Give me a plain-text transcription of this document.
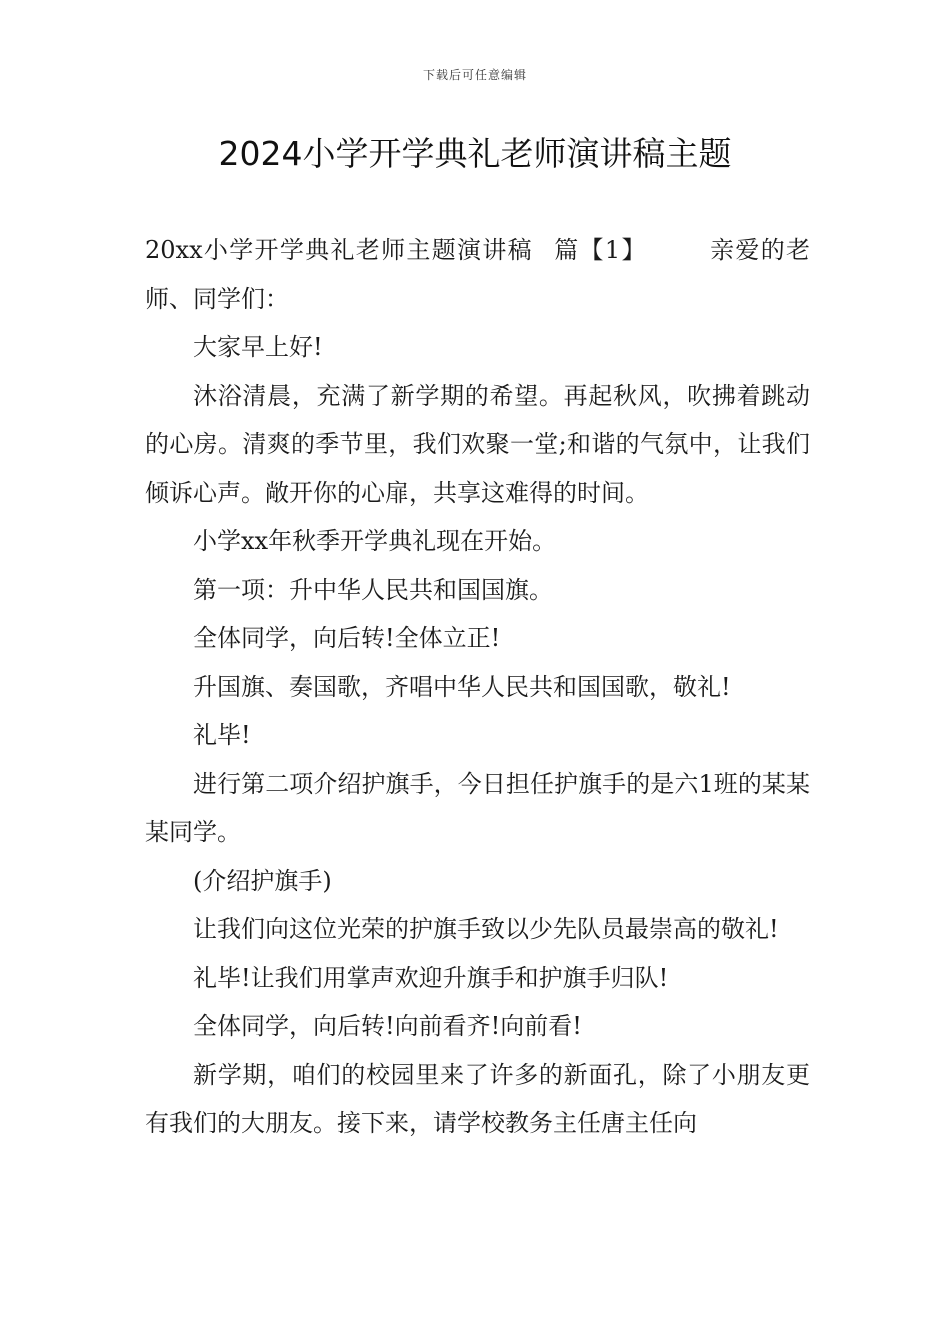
下载后可任意编辑
2024小学开学典礼老师演讲稿主题

20xx小学开学典礼老师主题演讲稿 篇【1】	亲爱的老师、同学们：

大家早上好!

沐浴清晨，充满了新学期的希望。再起秋风，吹拂着跳动的心房。清爽的季节里，我们欢聚一堂;和谐的气氛中，让我们倾诉心声。敞开你的心扉，共享这难得的时间。

小学xx年秋季开学典礼现在开始。

第一项：升中华人民共和国国旗。

全体同学，向后转!全体立正!

升国旗、奏国歌，齐唱中华人民共和国国歌，敬礼!

礼毕!

进行第二项介绍护旗手，今日担任护旗手的是六1班的某某某同学。

(介绍护旗手)

让我们向这位光荣的护旗手致以少先队员最崇高的敬礼!

礼毕!让我们用掌声欢迎升旗手和护旗手归队!

全体同学，向后转!向前看齐!向前看!

新学期，咱们的校园里来了许多的新面孔，除了小朋友更有我们的大朋友。接下来，请学校教务主任唐主任向
